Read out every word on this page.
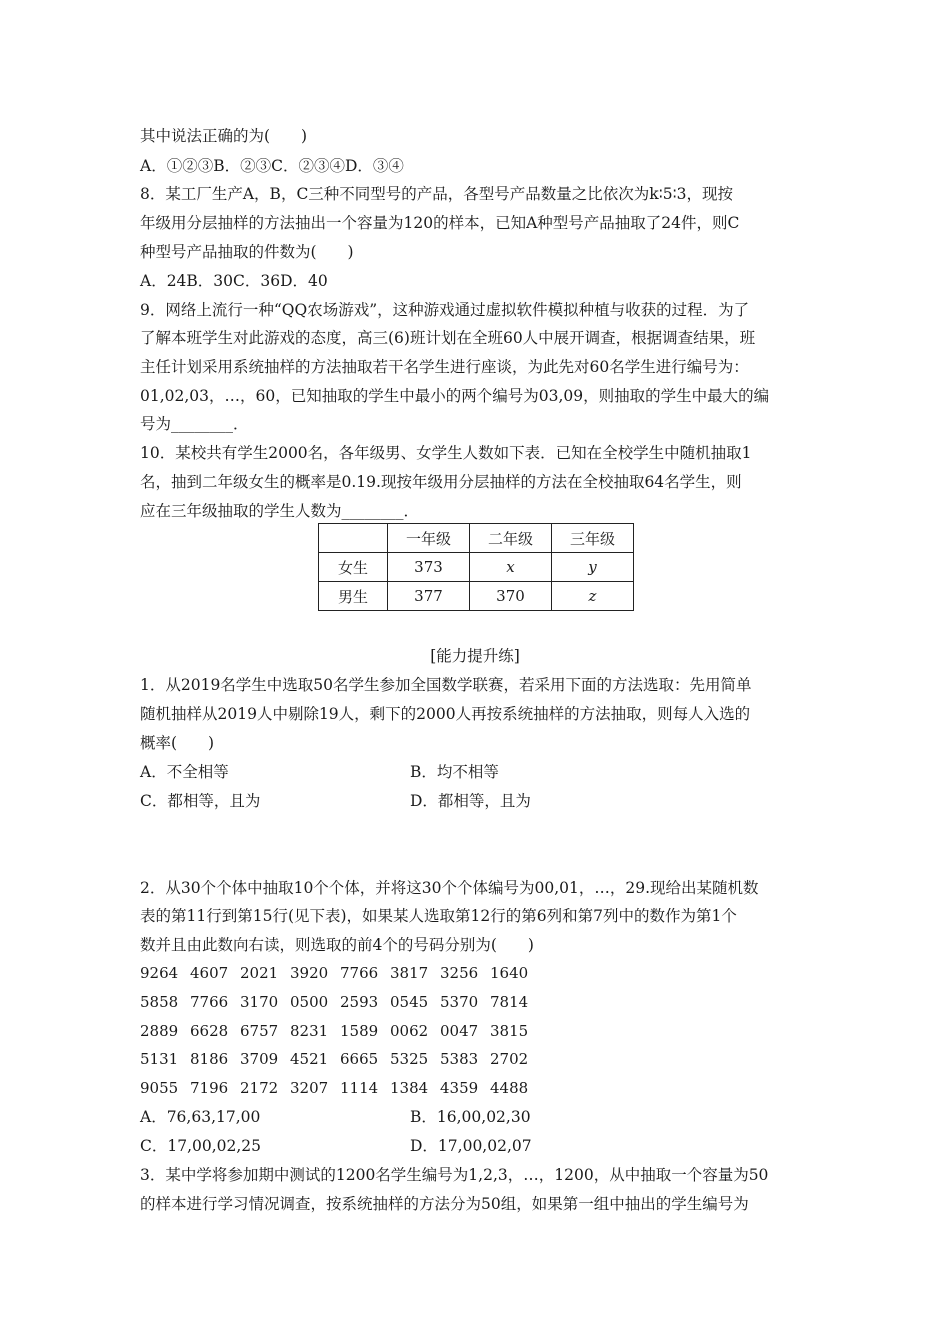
其中说法正确的为(　　)
A．①②③B．②③C．②③④D．③④
8．某工厂生产A，B，C三种不同型号的产品，各型号产品数量之比依次为k∶5∶3，现按
年级用分层抽样的方法抽出一个容量为120的样本，已知A种型号产品抽取了24件，则C
种型号产品抽取的件数为(　　)
A．24B．30C．36D．40
9．网络上流行一种“QQ农场游戏”，这种游戏通过虚拟软件模拟种植与收获的过程．为了
了解本班学生对此游戏的态度，高三(6)班计划在全班60人中展开调查，根据调查结果，班
主任计划采用系统抽样的方法抽取若干名学生进行座谈，为此先对60名学生进行编号为：
01,02,03，…，60，已知抽取的学生中最小的两个编号为03,09，则抽取的学生中最大的编
号为________．
10．某校共有学生2000名，各年级男、女学生人数如下表．已知在全校学生中随机抽取1
名，抽到二年级女生的概率是0.19.现按年级用分层抽样的方法在全校抽取64名学生，则
应在三年级抽取的学生人数为________．
	一年级	二年级	三年级
女生	373	x	y
男生	377	370	z
[能力提升练]
1．从2019名学生中选取50名学生参加全国数学联赛，若采用下面的方法选取：先用简单
随机抽样从2019人中剔除19人，剩下的2000人再按系统抽样的方法抽取，则每人入选的
概率(　　)
A．不全相等	B．均不相等
C．都相等，且为	D．都相等，且为
2．从30个个体中抽取10个个体，并将这30个个体编号为00,01，…，29.现给出某随机数
表的第11行到第15行(见下表)，如果某人选取第12行的第6列和第7列中的数作为第1个
数并且由此数向右读，则选取的前4个的号码分别为(　　)
9264 4607 2021 3920 7766 3817 3256 1640
5858 7766 3170 0500 2593 0545 5370 7814
2889 6628 6757 8231 1589 0062 0047 3815
5131 8186 3709 4521 6665 5325 5383 2702
9055 7196 2172 3207 1114 1384 4359 4488
A．76,63,17,00	B．16,00,02,30
C．17,00,02,25	D．17,00,02,07
3．某中学将参加期中测试的1200名学生编号为1,2,3，…，1200，从中抽取一个容量为50
的样本进行学习情况调查，按系统抽样的方法分为50组，如果第一组中抽出的学生编号为
